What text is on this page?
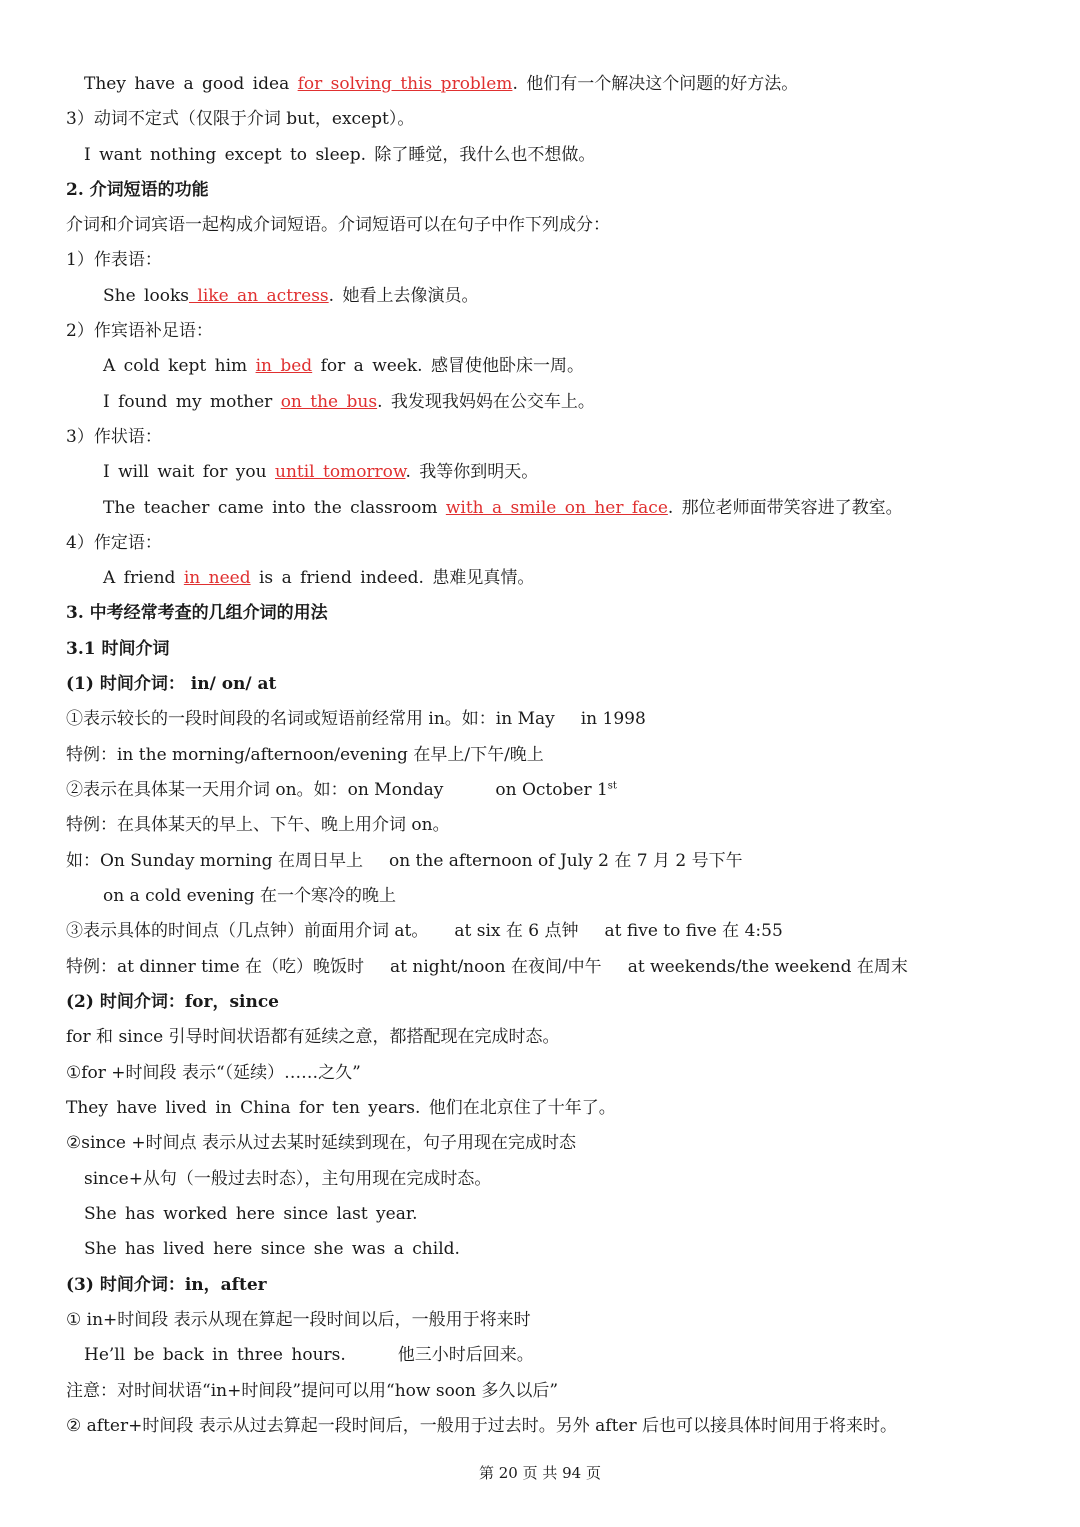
They have a good idea for solving this problem. 他们有一个解决这个问题的好方法。
3）动词不定式（仅限于介词 but，except）。
I want nothing except to sleep. 除了睡觉，我什么也不想做。
2. 介词短语的功能
介词和介词宾语一起构成介词短语。介词短语可以在句子中作下列成分：
1）作表语：
She looks like an actress. 她看上去像演员。
2）作宾语补足语：
A cold kept him in bed for a week. 感冒使他卧床一周。
I found my mother on the bus. 我发现我妈妈在公交车上。
3）作状语：
I will wait for you until tomorrow. 我等你到明天。
The teacher came into the classroom with a smile on her face. 那位老师面带笑容进了教室。
4）作定语：
A friend in need is a friend indeed. 患难见真情。
3. 中考经常考查的几组介词的用法
3.1 时间介词
(1) 时间介词： in/ on/ at
①表示较长的一段时间段的名词或短语前经常用 in。如：in May in 1998
特例：in the morning/afternoon/evening 在早上/下午/晚上
②表示在具体某一天用介词 on。如：on Monday	on October 1st
特例：在具体某天的早上、下午、晚上用介词 on。
如：On Sunday morning 在周日早上 on the afternoon of July 2 在 7 月 2 号下午
on a cold evening 在一个寒冷的晚上
③表示具体的时间点（几点钟）前面用介词 at。 at six 在 6 点钟 at five to five 在 4:55
特例：at dinner time 在（吃）晚饭时 at night/noon 在夜间/中午 at weekends/the weekend 在周末
(2) 时间介词：for，since
for 和 since 引导时间状语都有延续之意，都搭配现在完成时态。
①for +时间段 表示“（延续）……之久”
They have lived in China for ten years. 他们在北京住了十年了。
②since +时间点 表示从过去某时延续到现在，句子用现在完成时态
since+从句（一般过去时态），主句用现在完成时态。
She has worked here since last year.
She has lived here since she was a child.
(3) 时间介词：in，after
① in+时间段 表示从现在算起一段时间以后，一般用于将来时
He’ll be back in three hours.	他三小时后回来。
注意：对时间状语“in+时间段”提问可以用“how soon 多久以后”
② after+时间段 表示从过去算起一段时间后，一般用于过去时。另外 after 后也可以接具体时间用于将来时。
第 20 页 共 94 页
